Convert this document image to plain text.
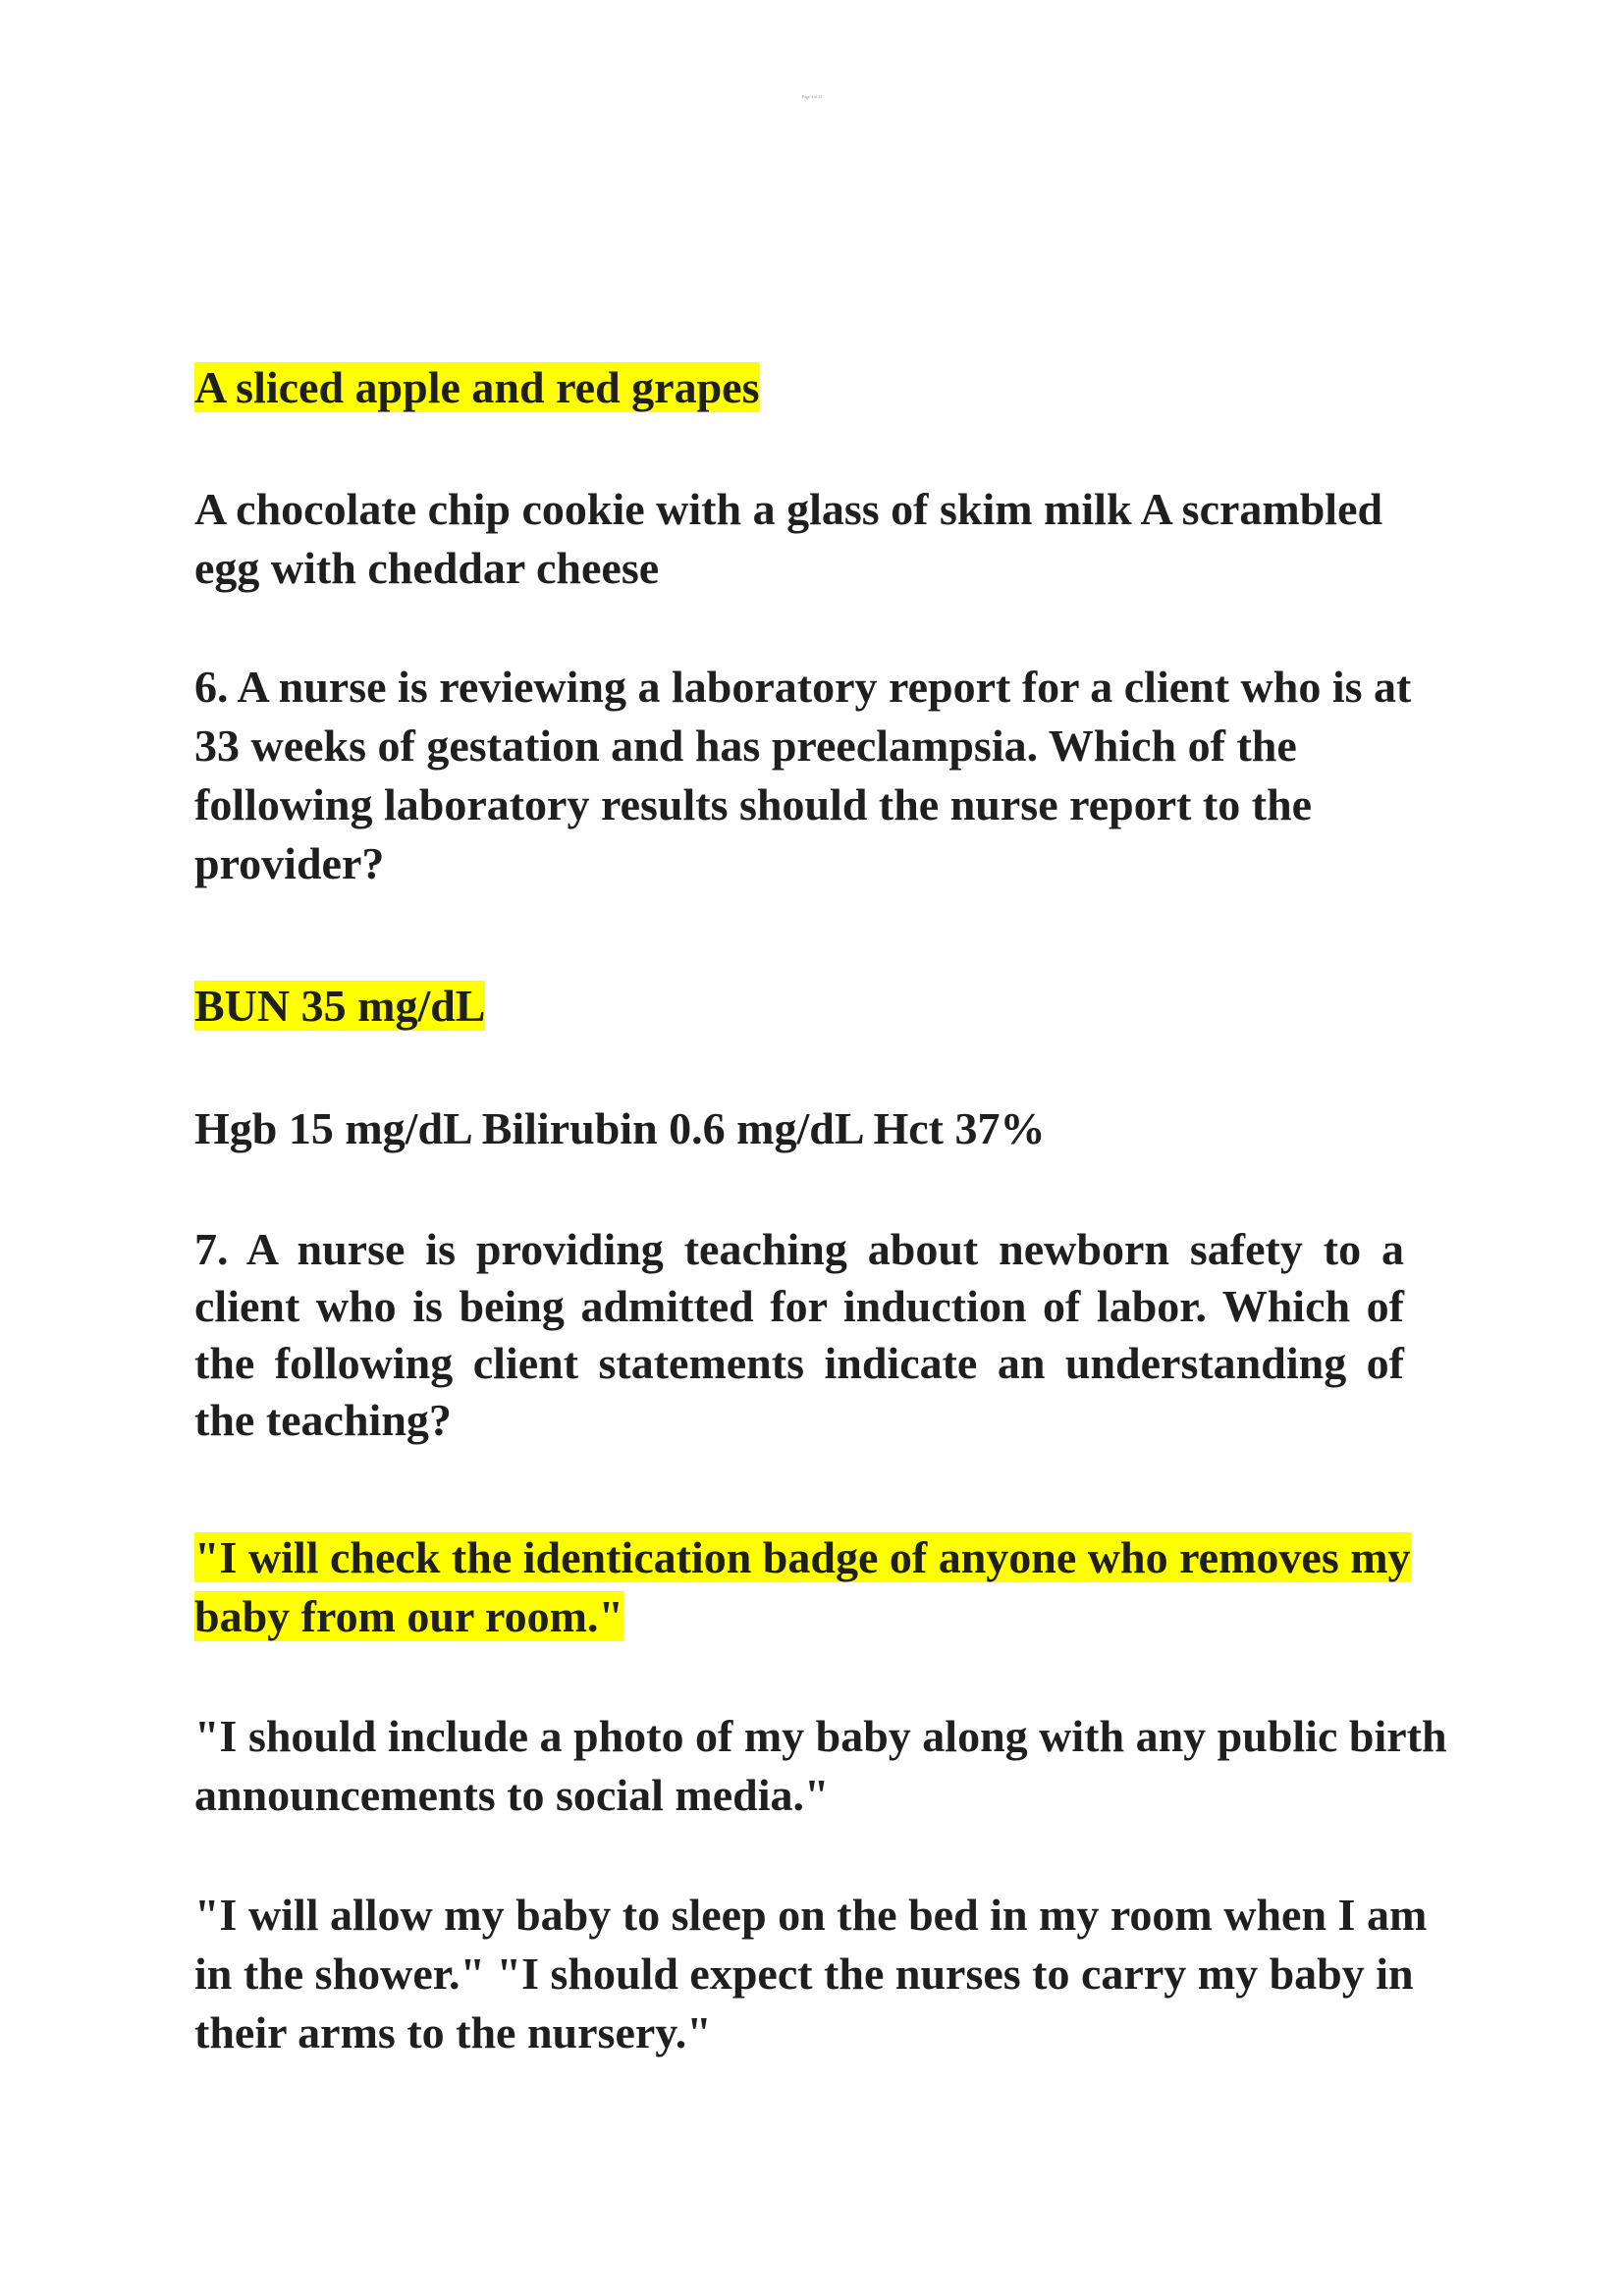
Page 4 of 12

A sliced apple and red grapes

A chocolate chip cookie with a glass of skim milk A scrambled egg with cheddar cheese

6. A nurse is reviewing a laboratory report for a client who is at 33 weeks of gestation and has preeclampsia. Which of the following laboratory results should the nurse report to the provider?

BUN 35 mg/dL

Hgb 15 mg/dL Bilirubin 0.6 mg/dL Hct 37%

7. A nurse is providing teaching about newborn safety to a client who is being admitted for induction of labor. Which of the following client statements indicate an understanding of the teaching?

"I will check the identication badge of anyone who removes my baby from our room."

"I should include a photo of my baby along with any public birth announcements to social media."

"I will allow my baby to sleep on the bed in my room when I am in the shower." "I should expect the nurses to carry my baby in their arms to the nursery."
